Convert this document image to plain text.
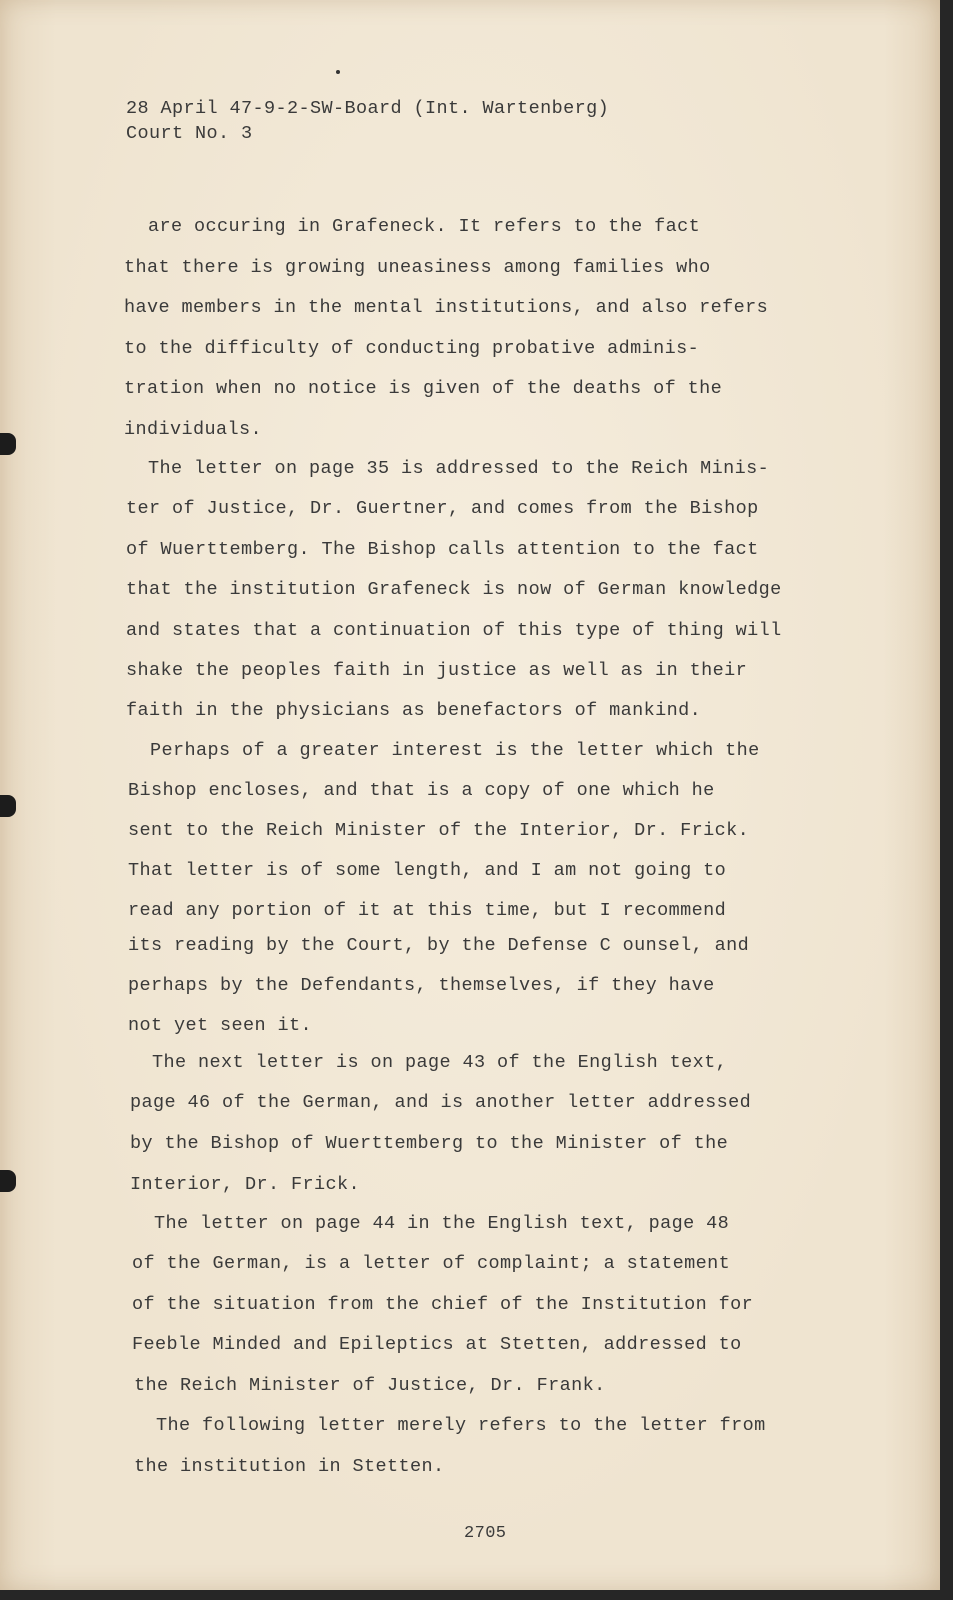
28 April 47-9-2-SW-Board (Int. Wartenberg)
Court No. 3
are occuring in Grafeneck. It refers to the fact
that there is growing uneasiness among families who
have members in the mental institutions, and also refers
to the difficulty of conducting probative adminis-
tration when no notice is given of the deaths of the
individuals.
The letter on page 35 is addressed to the Reich Minis-
ter of Justice, Dr. Guertner, and comes from the Bishop
of Wuerttemberg. The Bishop calls attention to the fact
that the institution Grafeneck is now of German knowledge
and states that a continuation of this type of thing will
shake the peoples faith in justice as well as in their
faith in the physicians as benefactors of mankind.
Perhaps of a greater interest is the letter which the
Bishop encloses, and that is a copy of one which he
sent to the Reich Minister of the Interior, Dr. Frick.
That letter is of some length, and I am not going to
read any portion of it at this time, but I recommend
its reading by the Court, by the Defense C ounsel, and
perhaps by the Defendants, themselves, if they have
not yet seen it.
The next letter is on page 43 of the English text,
page 46 of the German, and is another letter addressed
by the Bishop of Wuerttemberg to the Minister of the
Interior, Dr. Frick.
The letter on page 44 in the English text, page 48
of the German, is a letter of complaint; a statement
of the situation from the chief of the Institution for
Feeble Minded and Epileptics at Stetten, addressed to
the Reich Minister of Justice, Dr. Frank.
The following letter merely refers to the letter from
the institution in Stetten.
2705
